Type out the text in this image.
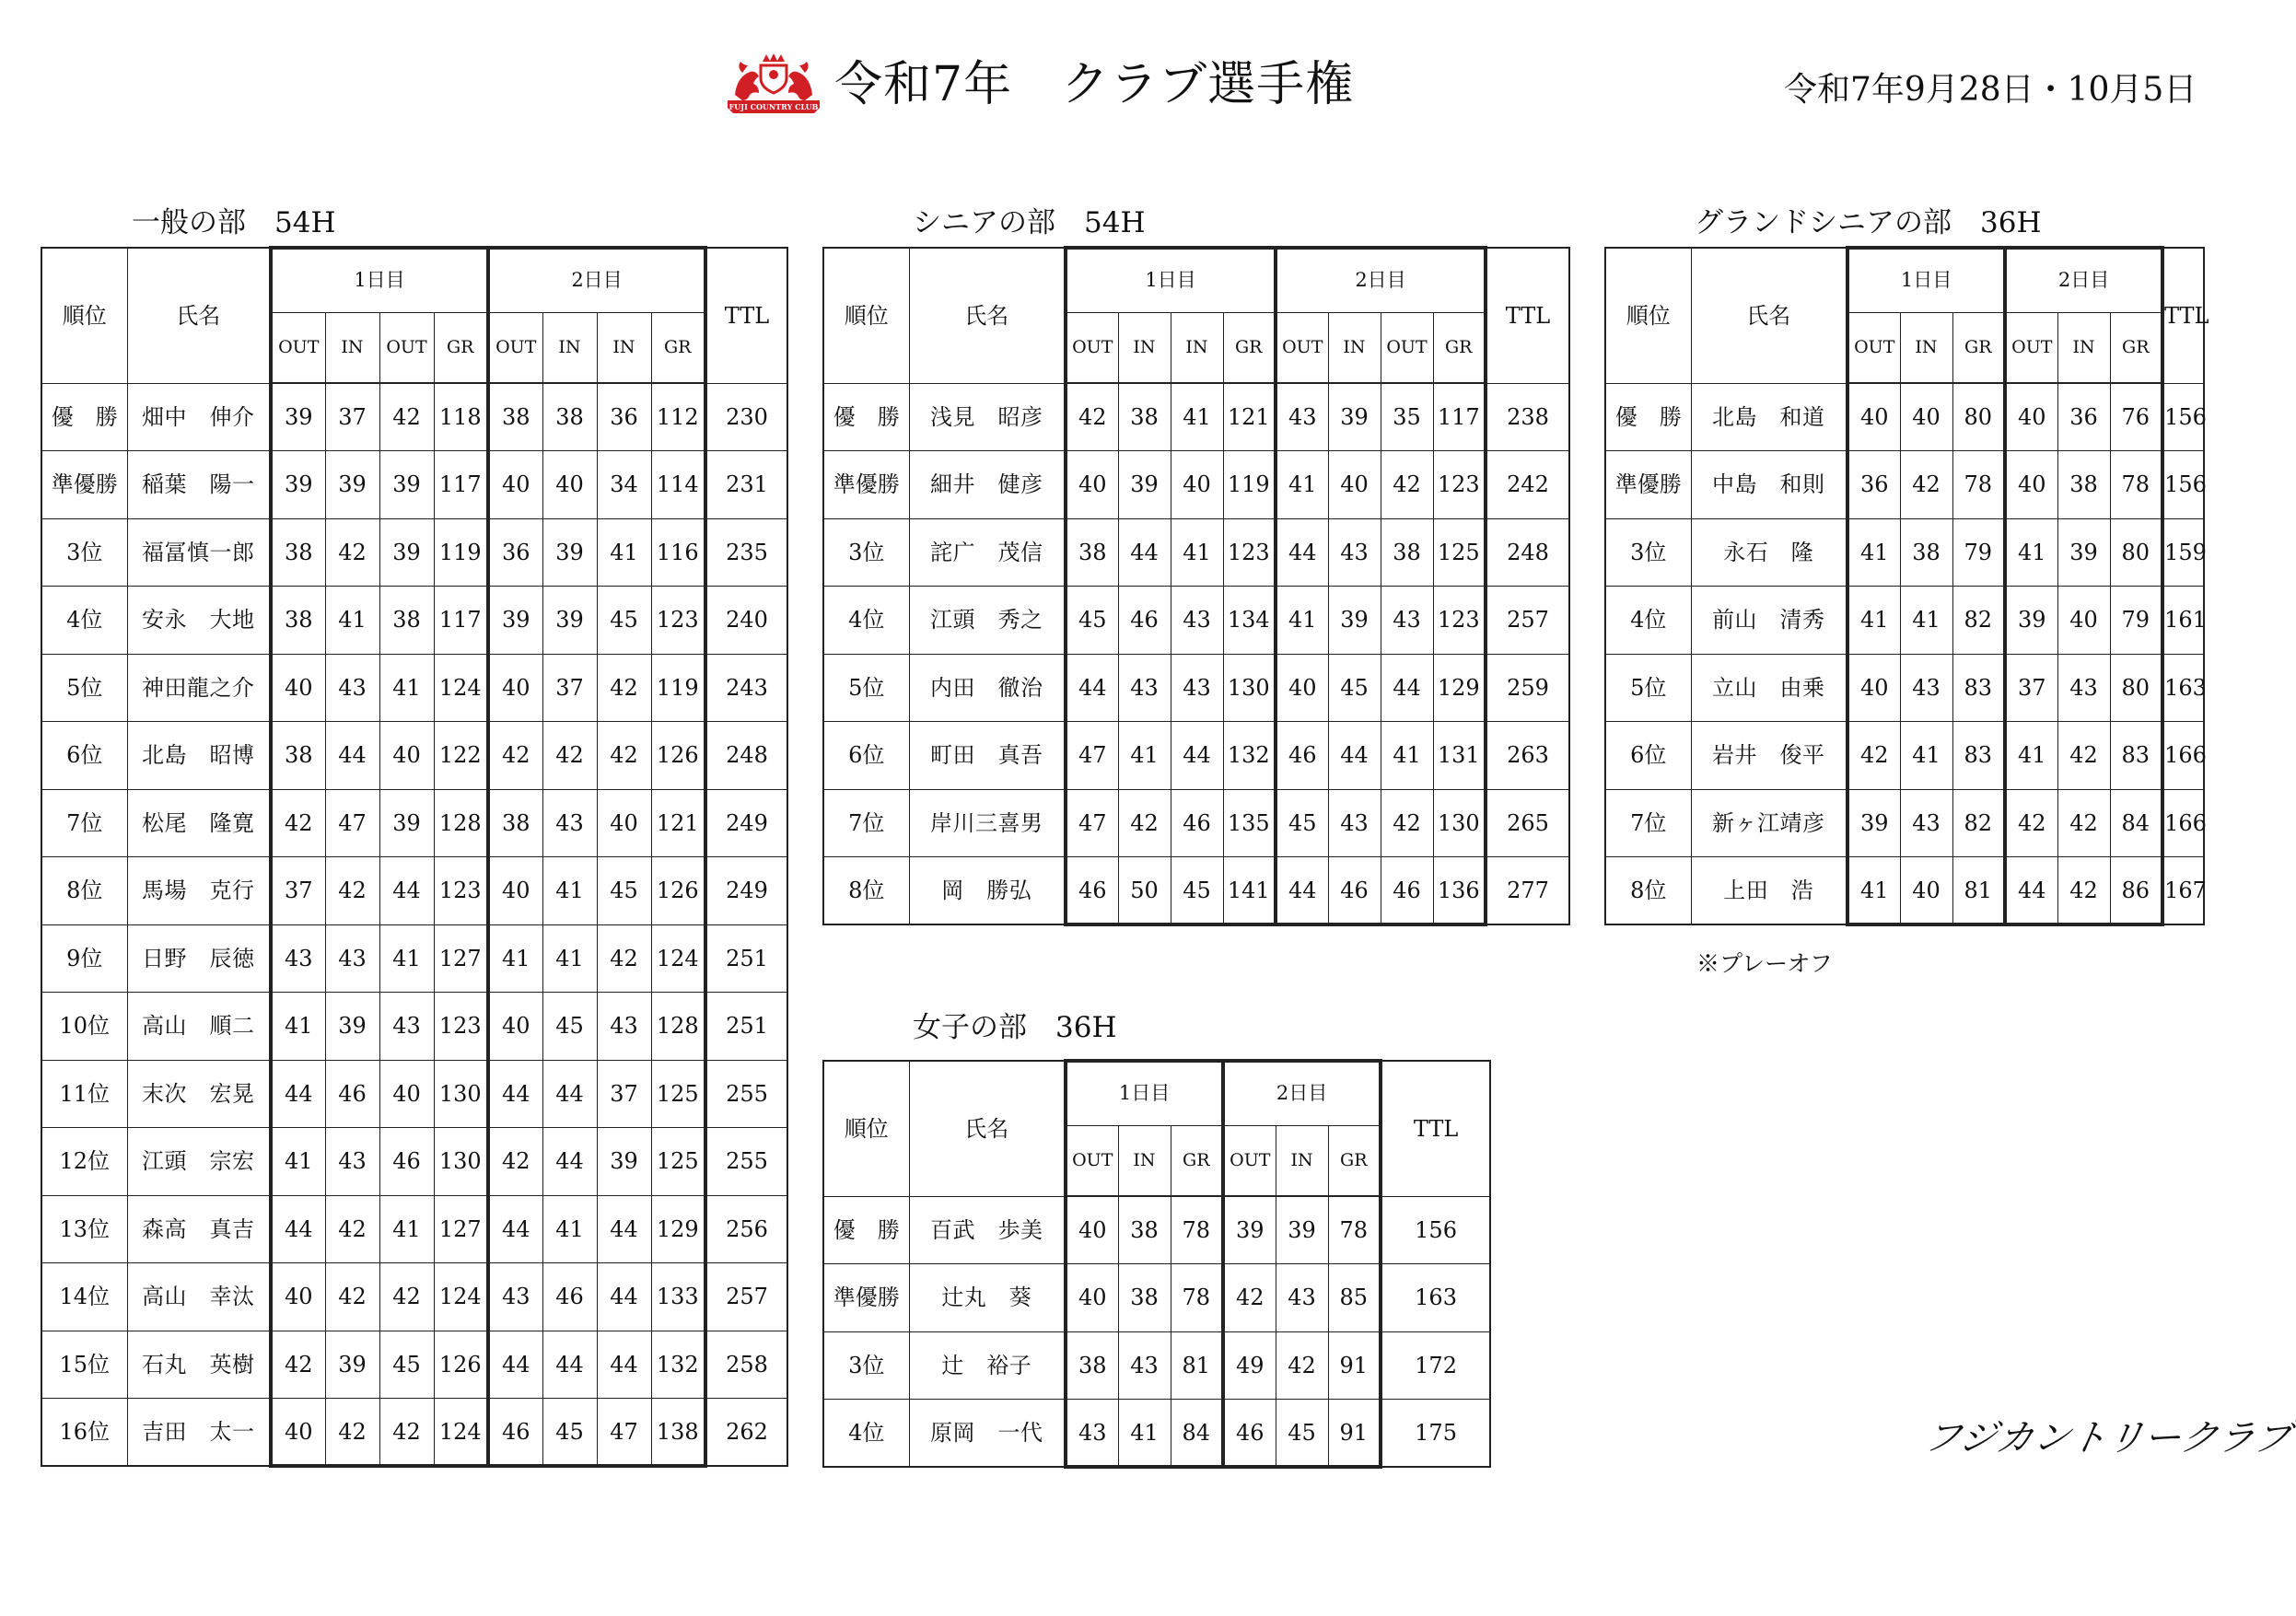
FUJI COUNTRY CLUB 令和7年　クラブ選手権	令和7年9月28日・10月5日
一般の部　54H	シニアの部　54H	グランドシニアの部　36H
女子の部　36H
順位	氏名	1日目				2日目				TTL
		OUT	IN	OUT	GR	OUT	IN	IN	GR	
優　勝	畑中　伸介	39	37	42	118	38	38	36	112	230
準優勝	稲葉　陽一	39	39	39	117	40	40	34	114	231
3位	福冨慎一郎	38	42	39	119	36	39	41	116	235
4位	安永　大地	38	41	38	117	39	39	45	123	240
5位	神田龍之介	40	43	41	124	40	37	42	119	243
6位	北島　昭博	38	44	40	122	42	42	42	126	248
7位	松尾　隆寛	42	47	39	128	38	43	40	121	249
8位	馬場　克行	37	42	44	123	40	41	45	126	249
9位	日野　辰徳	43	43	41	127	41	41	42	124	251
10位	高山　順二	41	39	43	123	40	45	43	128	251
11位	末次　宏晃	44	46	40	130	44	44	37	125	255
12位	江頭　宗宏	41	43	46	130	42	44	39	125	255
13位	森高　真吉	44	42	41	127	44	41	44	129	256
14位	高山　幸汰	40	42	42	124	43	46	44	133	257
15位	石丸　英樹	42	39	45	126	44	44	44	132	258
16位	吉田　太一	40	42	42	124	46	45	47	138	262
順位	氏名	1日目				2日目				TTL
		OUT	IN	IN	GR	OUT	IN	OUT	GR	
優　勝	浅見　昭彦	42	38	41	121	43	39	35	117	238
準優勝	細井　健彦	40	39	40	119	41	40	42	123	242
3位	詫广　茂信	38	44	41	123	44	43	38	125	248
4位	江頭　秀之	45	46	43	134	41	39	43	123	257
5位	内田　徹治	44	43	43	130	40	45	44	129	259
6位	町田　真吾	47	41	44	132	46	44	41	131	263
7位	岸川三喜男	47	42	46	135	45	43	42	130	265
8位	岡　勝弘	46	50	45	141	44	46	46	136	277
順位	氏名	1日目			2日目			TTL
		OUT	IN	GR	OUT	IN	GR	
優　勝	北島　和道	40	40	80	40	36	76	156
準優勝	中島　和則	36	42	78	40	38	78	156
3位	永石　隆	41	38	79	41	39	80	159
4位	前山　清秀	41	41	82	39	40	79	161
5位	立山　由乗	40	43	83	37	43	80	163
6位	岩井　俊平	42	41	83	41	42	83	166
7位	新ヶ江靖彦	39	43	82	42	42	84	166
8位	上田　浩	41	40	81	44	42	86	167
※プレーオフ
順位	氏名	1日目			2日目			TTL
		OUT	IN	GR	OUT	IN	GR	
優　勝	百武　歩美	40	38	78	39	39	78	156
準優勝	辻丸　葵	40	38	78	42	43	85	163
3位	辻　裕子	38	43	81	49	42	91	172
4位	原岡　一代	43	41	84	46	45	91	175	フジカントリークラブ
